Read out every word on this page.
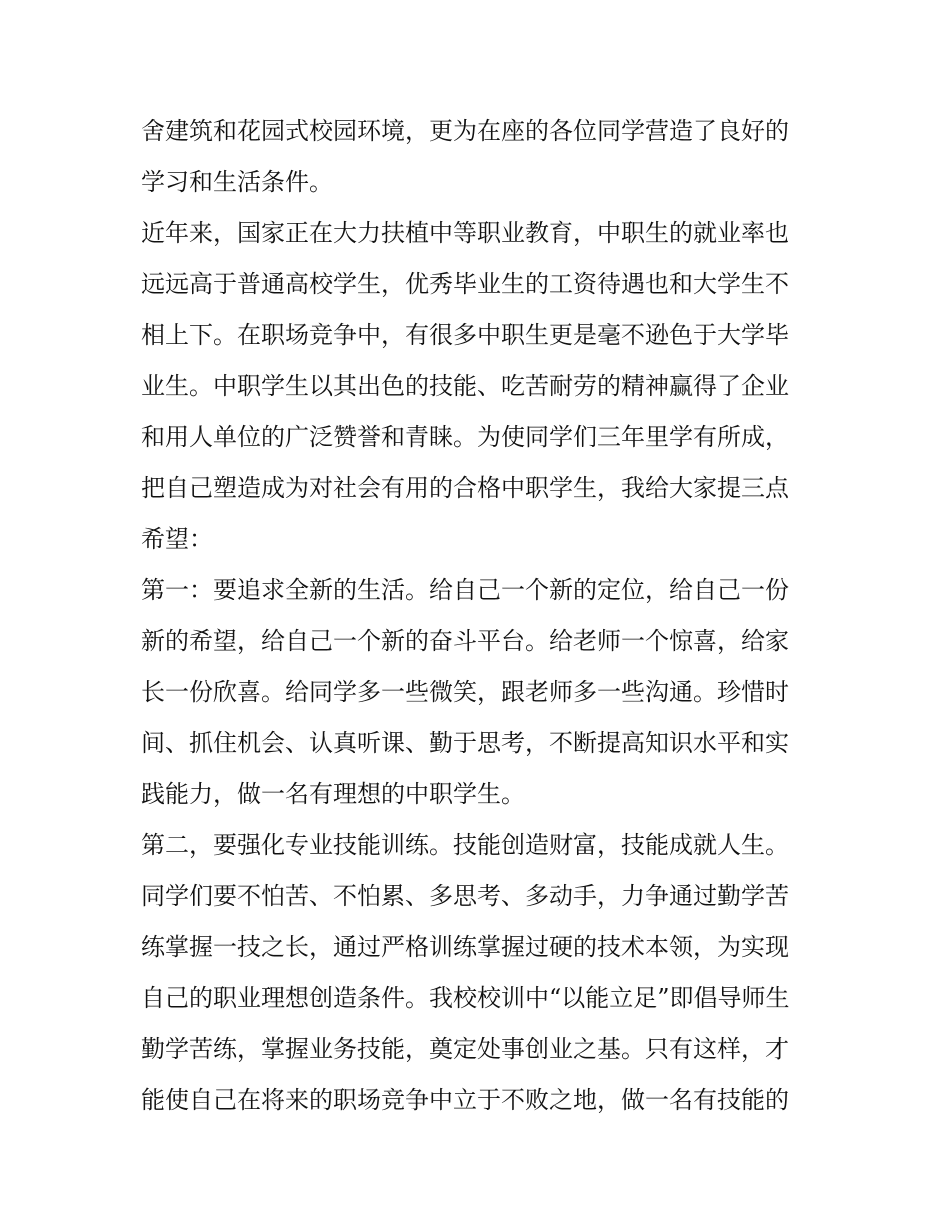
舍建筑和花园式校园环境，更为在座的各位同学营造了良好的
学习和生活条件。
近年来，国家正在大力扶植中等职业教育，中职生的就业率也
远远高于普通高校学生，优秀毕业生的工资待遇也和大学生不
相上下。在职场竞争中，有很多中职生更是毫不逊色于大学毕
业生。中职学生以其出色的技能、吃苦耐劳的精神赢得了企业
和用人单位的广泛赞誉和青睐。为使同学们三年里学有所成，
把自己塑造成为对社会有用的合格中职学生，我给大家提三点
希望：
第一：要追求全新的生活。给自己一个新的定位，给自己一份
新的希望，给自己一个新的奋斗平台。给老师一个惊喜，给家
长一份欣喜。给同学多一些微笑，跟老师多一些沟通。珍惜时
间、抓住机会、认真听课、勤于思考，不断提高知识水平和实
践能力，做一名有理想的中职学生。
第二，要强化专业技能训练。技能创造财富，技能成就人生。
同学们要不怕苦、不怕累、多思考、多动手，力争通过勤学苦
练掌握一技之长，通过严格训练掌握过硬的技术本领，为实现
自己的职业理想创造条件。我校校训中“以能立足”即倡导师生
勤学苦练，掌握业务技能，奠定处事创业之基。只有这样，才
能使自己在将来的职场竞争中立于不败之地，做一名有技能的
